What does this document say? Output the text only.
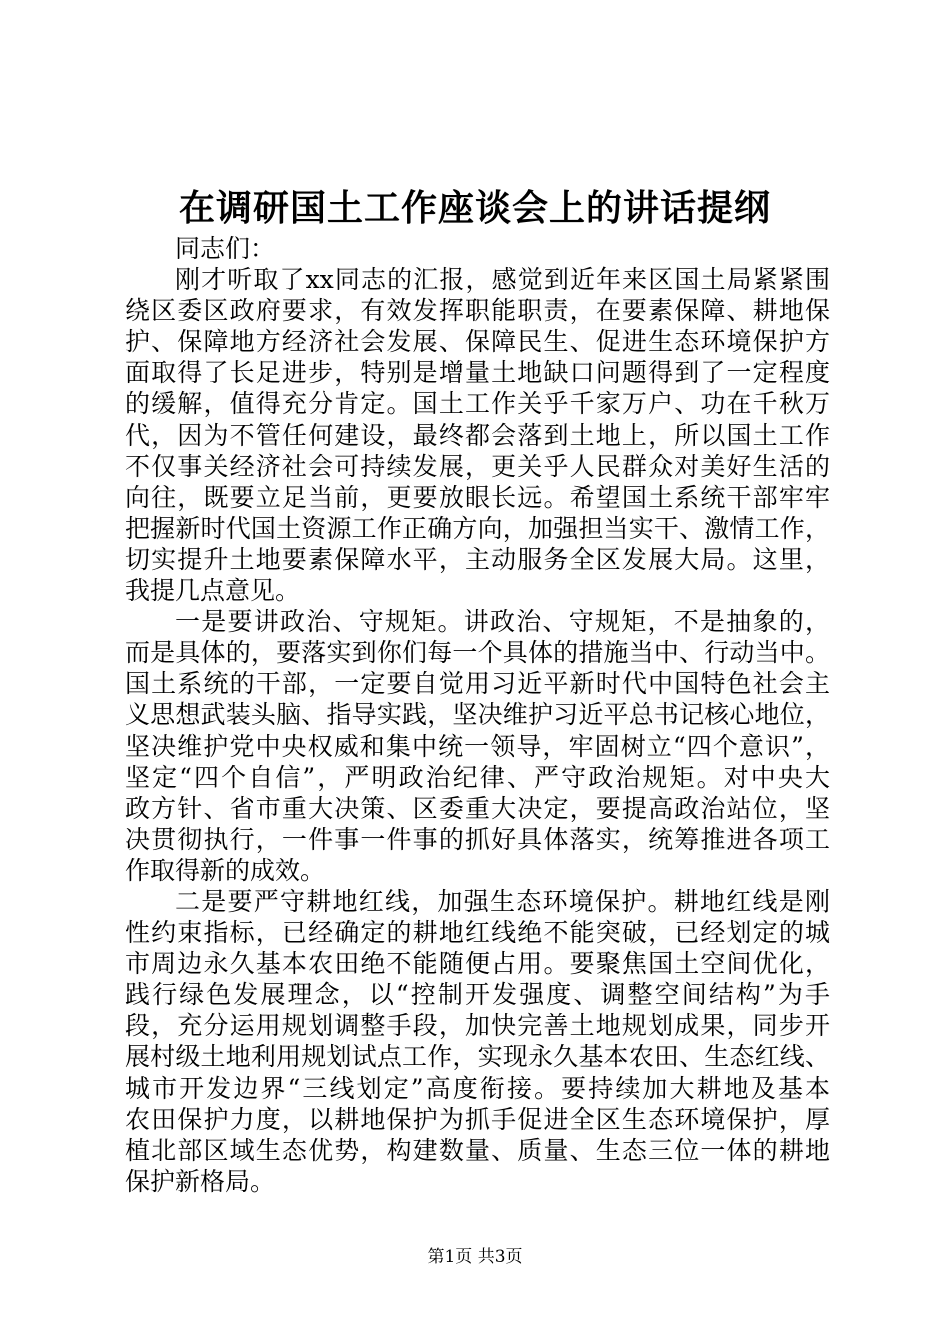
在调研国土工作座谈会上的讲话提纲
同志们：
刚才听取了xx同志的汇报，感觉到近年来区国土局紧紧围
绕区委区政府要求，有效发挥职能职责，在要素保障、耕地保
护、保障地方经济社会发展、保障民生、促进生态环境保护方
面取得了长足进步，特别是增量土地缺口问题得到了一定程度
的缓解，值得充分肯定。国土工作关乎千家万户、功在千秋万
代，因为不管任何建设，最终都会落到土地上，所以国土工作
不仅事关经济社会可持续发展，更关乎人民群众对美好生活的
向往，既要立足当前，更要放眼长远。希望国土系统干部牢牢
把握新时代国土资源工作正确方向，加强担当实干、激情工作，
切实提升土地要素保障水平，主动服务全区发展大局。这里，
我提几点意见。
一是要讲政治、守规矩。讲政治、守规矩，不是抽象的，
而是具体的，要落实到你们每一个具体的措施当中、行动当中。
国土系统的干部，一定要自觉用习近平新时代中国特色社会主
义思想武装头脑、指导实践，坚决维护习近平总书记核心地位，
坚决维护党中央权威和集中统一领导，牢固树立“四个意识”，
坚定“四个自信”，严明政治纪律、严守政治规矩。对中央大
政方针、省市重大决策、区委重大决定，要提高政治站位，坚
决贯彻执行，一件事一件事的抓好具体落实，统筹推进各项工
作取得新的成效。
二是要严守耕地红线，加强生态环境保护。耕地红线是刚
性约束指标，已经确定的耕地红线绝不能突破，已经划定的城
市周边永久基本农田绝不能随便占用。要聚焦国土空间优化，
践行绿色发展理念，以“控制开发强度、调整空间结构”为手
段，充分运用规划调整手段，加快完善土地规划成果，同步开
展村级土地利用规划试点工作，实现永久基本农田、生态红线、
城市开发边界“三线划定”高度衔接。要持续加大耕地及基本
农田保护力度，以耕地保护为抓手促进全区生态环境保护，厚
植北部区域生态优势，构建数量、质量、生态三位一体的耕地
保护新格局。
第1页 共3页
